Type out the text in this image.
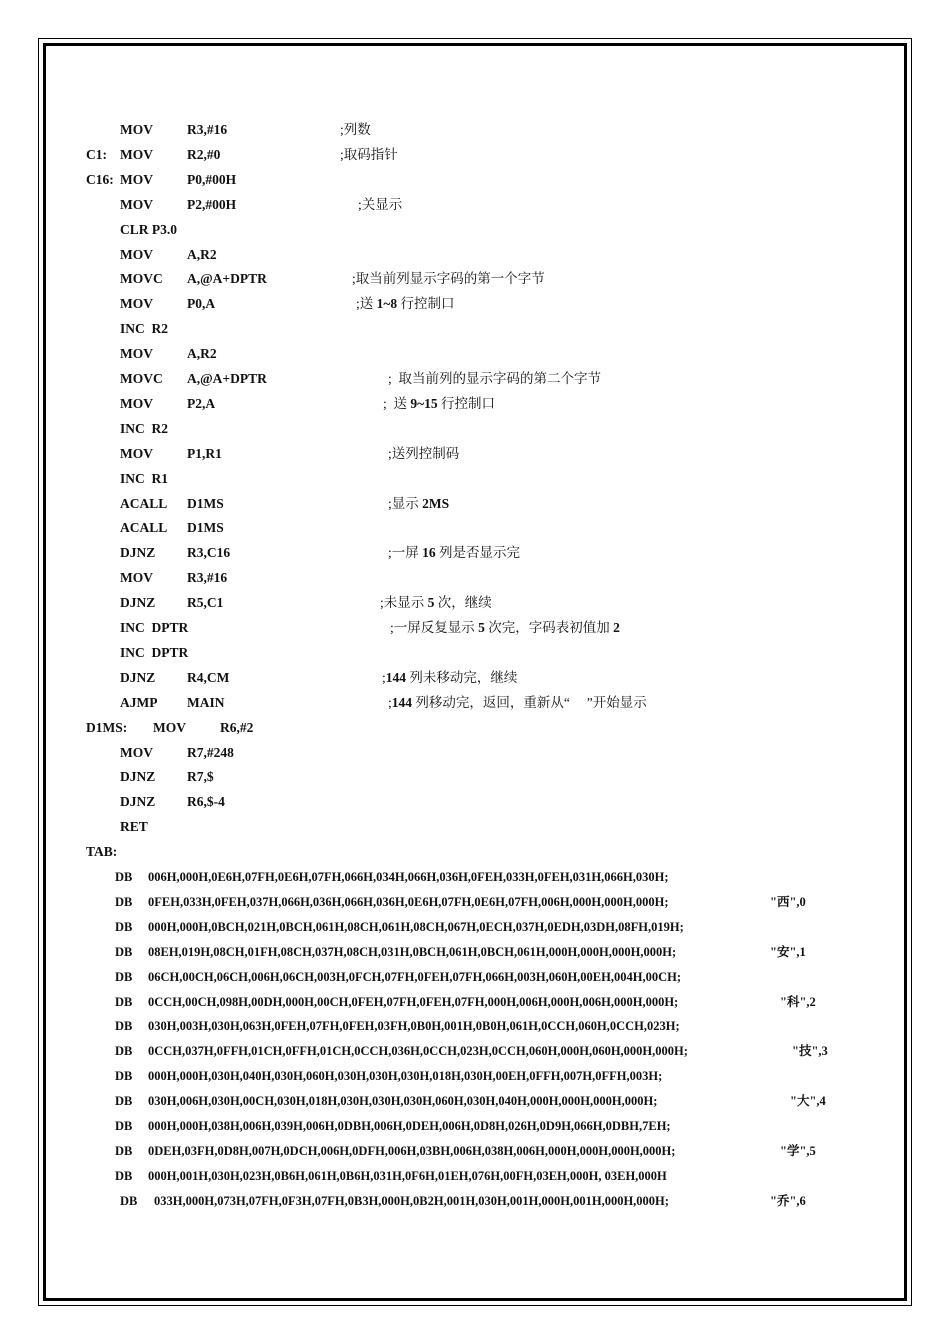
MOV	R3,#16	;列数
C1: MOV	R2,#0	;取码指针
C16: MOV	P0,#00H
MOV	P2,#00H	;关显示
CLR P3.0
MOV	A,R2
MOVC A,@A+DPTR	;取当前列显示字码的第一个字节
MOV	P0,A	;送 1~8 行控制口
INC  R2
MOV	A,R2
MOVC A,@A+DPTR	;  取当前列的显示字码的第二个字节
MOV	P2,A	;  送 9~15 行控制口
INC  R2
MOV	P1,R1	;送列控制码
INC  R1
ACALL D1MS	;显示 2MS
ACALL D1MS
DJNZ R3,C16	;一屏 16 列是否显示完
MOV	R3,#16
DJNZ R5,C1	;未显示 5 次，继续
INC  DPTR	;一屏反复显示 5 次完，字码表初值加 2
INC  DPTR
DJNZ R4,CM	;144 列未移动完，继续
AJMP MAIN	;144 列移动完，返回，重新从“     ”开始显示
D1MS: MOV	R6,#2
MOV	R7,#248
DJNZ R7,$
DJNZ R6,$-4
RET
TAB:
DB 006H,000H,0E6H,07FH,0E6H,07FH,066H,034H,066H,036H,0FEH,033H,0FEH,031H,066H,030H;
DB 0FEH,033H,0FEH,037H,066H,036H,066H,036H,0E6H,07FH,0E6H,07FH,006H,000H,000H,000H;	"西",0
DB 000H,000H,0BCH,021H,0BCH,061H,08CH,061H,08CH,067H,0ECH,037H,0EDH,03DH,08FH,019H;
DB 08EH,019H,08CH,01FH,08CH,037H,08CH,031H,0BCH,061H,0BCH,061H,000H,000H,000H,000H;	"安",1
DB 06CH,00CH,06CH,006H,06CH,003H,0FCH,07FH,0FEH,07FH,066H,003H,060H,00EH,004H,00CH;
DB 0CCH,00CH,098H,00DH,000H,00CH,0FEH,07FH,0FEH,07FH,000H,006H,000H,006H,000H,000H;	"科",2
DB 030H,003H,030H,063H,0FEH,07FH,0FEH,03FH,0B0H,001H,0B0H,061H,0CCH,060H,0CCH,023H;
DB 0CCH,037H,0FFH,01CH,0FFH,01CH,0CCH,036H,0CCH,023H,0CCH,060H,000H,060H,000H,000H;	"技",3
DB 000H,000H,030H,040H,030H,060H,030H,030H,030H,018H,030H,00EH,0FFH,007H,0FFH,003H;
DB 030H,006H,030H,00CH,030H,018H,030H,030H,030H,060H,030H,040H,000H,000H,000H,000H;	"大",4
DB 000H,000H,038H,006H,039H,006H,0DBH,006H,0DEH,006H,0D8H,026H,0D9H,066H,0DBH,7EH;
DB 0DEH,03FH,0D8H,007H,0DCH,006H,0DFH,006H,03BH,006H,038H,006H,000H,000H,000H,000H;	"学",5
DB 000H,001H,030H,023H,0B6H,061H,0B6H,031H,0F6H,01EH,076H,00FH,03EH,000H, 03EH,000H
DB 033H,000H,073H,07FH,0F3H,07FH,0B3H,000H,0B2H,001H,030H,001H,000H,001H,000H,000H;	"乔",6
